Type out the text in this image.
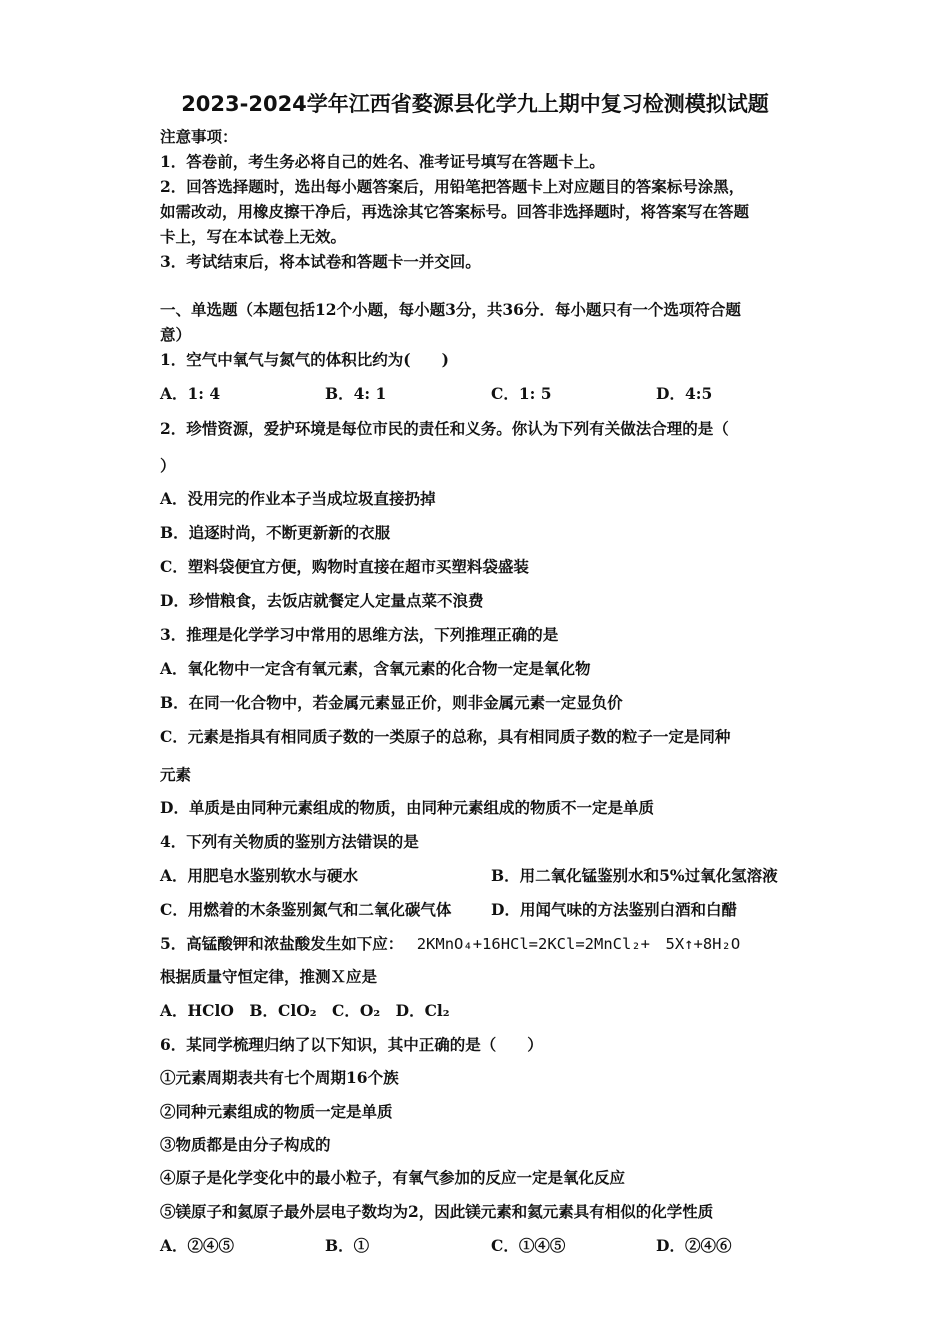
2023-2024学年江西省婺源县化学九上期中复习检测模拟试题
注意事项：
1．答卷前，考生务必将自己的姓名、准考证号填写在答题卡上。
2．回答选择题时，选出每小题答案后，用铅笔把答题卡上对应题目的答案标号涂黑，
如需改动，用橡皮擦干净后，再选涂其它答案标号。回答非选择题时，将答案写在答题
卡上，写在本试卷上无效。
3．考试结束后，将本试卷和答题卡一并交回。
一、单选题（本题包括12个小题，每小题3分，共36分．每小题只有一个选项符合题
意）
1．空气中氧气与氮气的体积比约为(　　)
A．1: 4	B．4: 1	C．1: 5	D．4:5
2．珍惜资源，爱护环境是每位市民的责任和义务。你认为下列有关做法合理的是（
）
A．没用完的作业本子当成垃圾直接扔掉
B．追逐时尚，不断更新新的衣服
C．塑料袋便宜方便，购物时直接在超市买塑料袋盛装
D．珍惜粮食，去饭店就餐定人定量点菜不浪费
3．推理是化学学习中常用的思维方法，下列推理正确的是
A．氧化物中一定含有氧元素，含氧元素的化合物一定是氧化物
B．在同一化合物中，若金属元素显正价，则非金属元素一定显负价
C．元素是指具有相同质子数的一类原子的总称，具有相同质子数的粒子一定是同种
元素
D．单质是由同种元素组成的物质，由同种元素组成的物质不一定是单质
4．下列有关物质的鉴别方法错误的是
A．用肥皂水鉴别软水与硬水	B．用二氧化锰鉴别水和5%过氧化氢溶液
C．用燃着的木条鉴别氮气和二氧化碳气体	D．用闻气味的方法鉴别白酒和白醋
5．高锰酸钾和浓盐酸发生如下应： 2KMnO₄+16HCl=2KCl=2MnCl₂+　5X↑+8H₂O
根据质量守恒定律，推测Ｘ应是
A．HClO　B．ClO₂　C．O₂　D．Cl₂
6．某同学梳理归纳了以下知识，其中正确的是（　　）
①元素周期表共有七个周期16个族
②同种元素组成的物质一定是单质
③物质都是由分子构成的
④原子是化学变化中的最小粒子，有氧气参加的反应一定是氧化反应
⑤镁原子和氦原子最外层电子数均为2，因此镁元素和氦元素具有相似的化学性质
A．②④⑤	B．①	C．①④⑤	D．②④⑥
